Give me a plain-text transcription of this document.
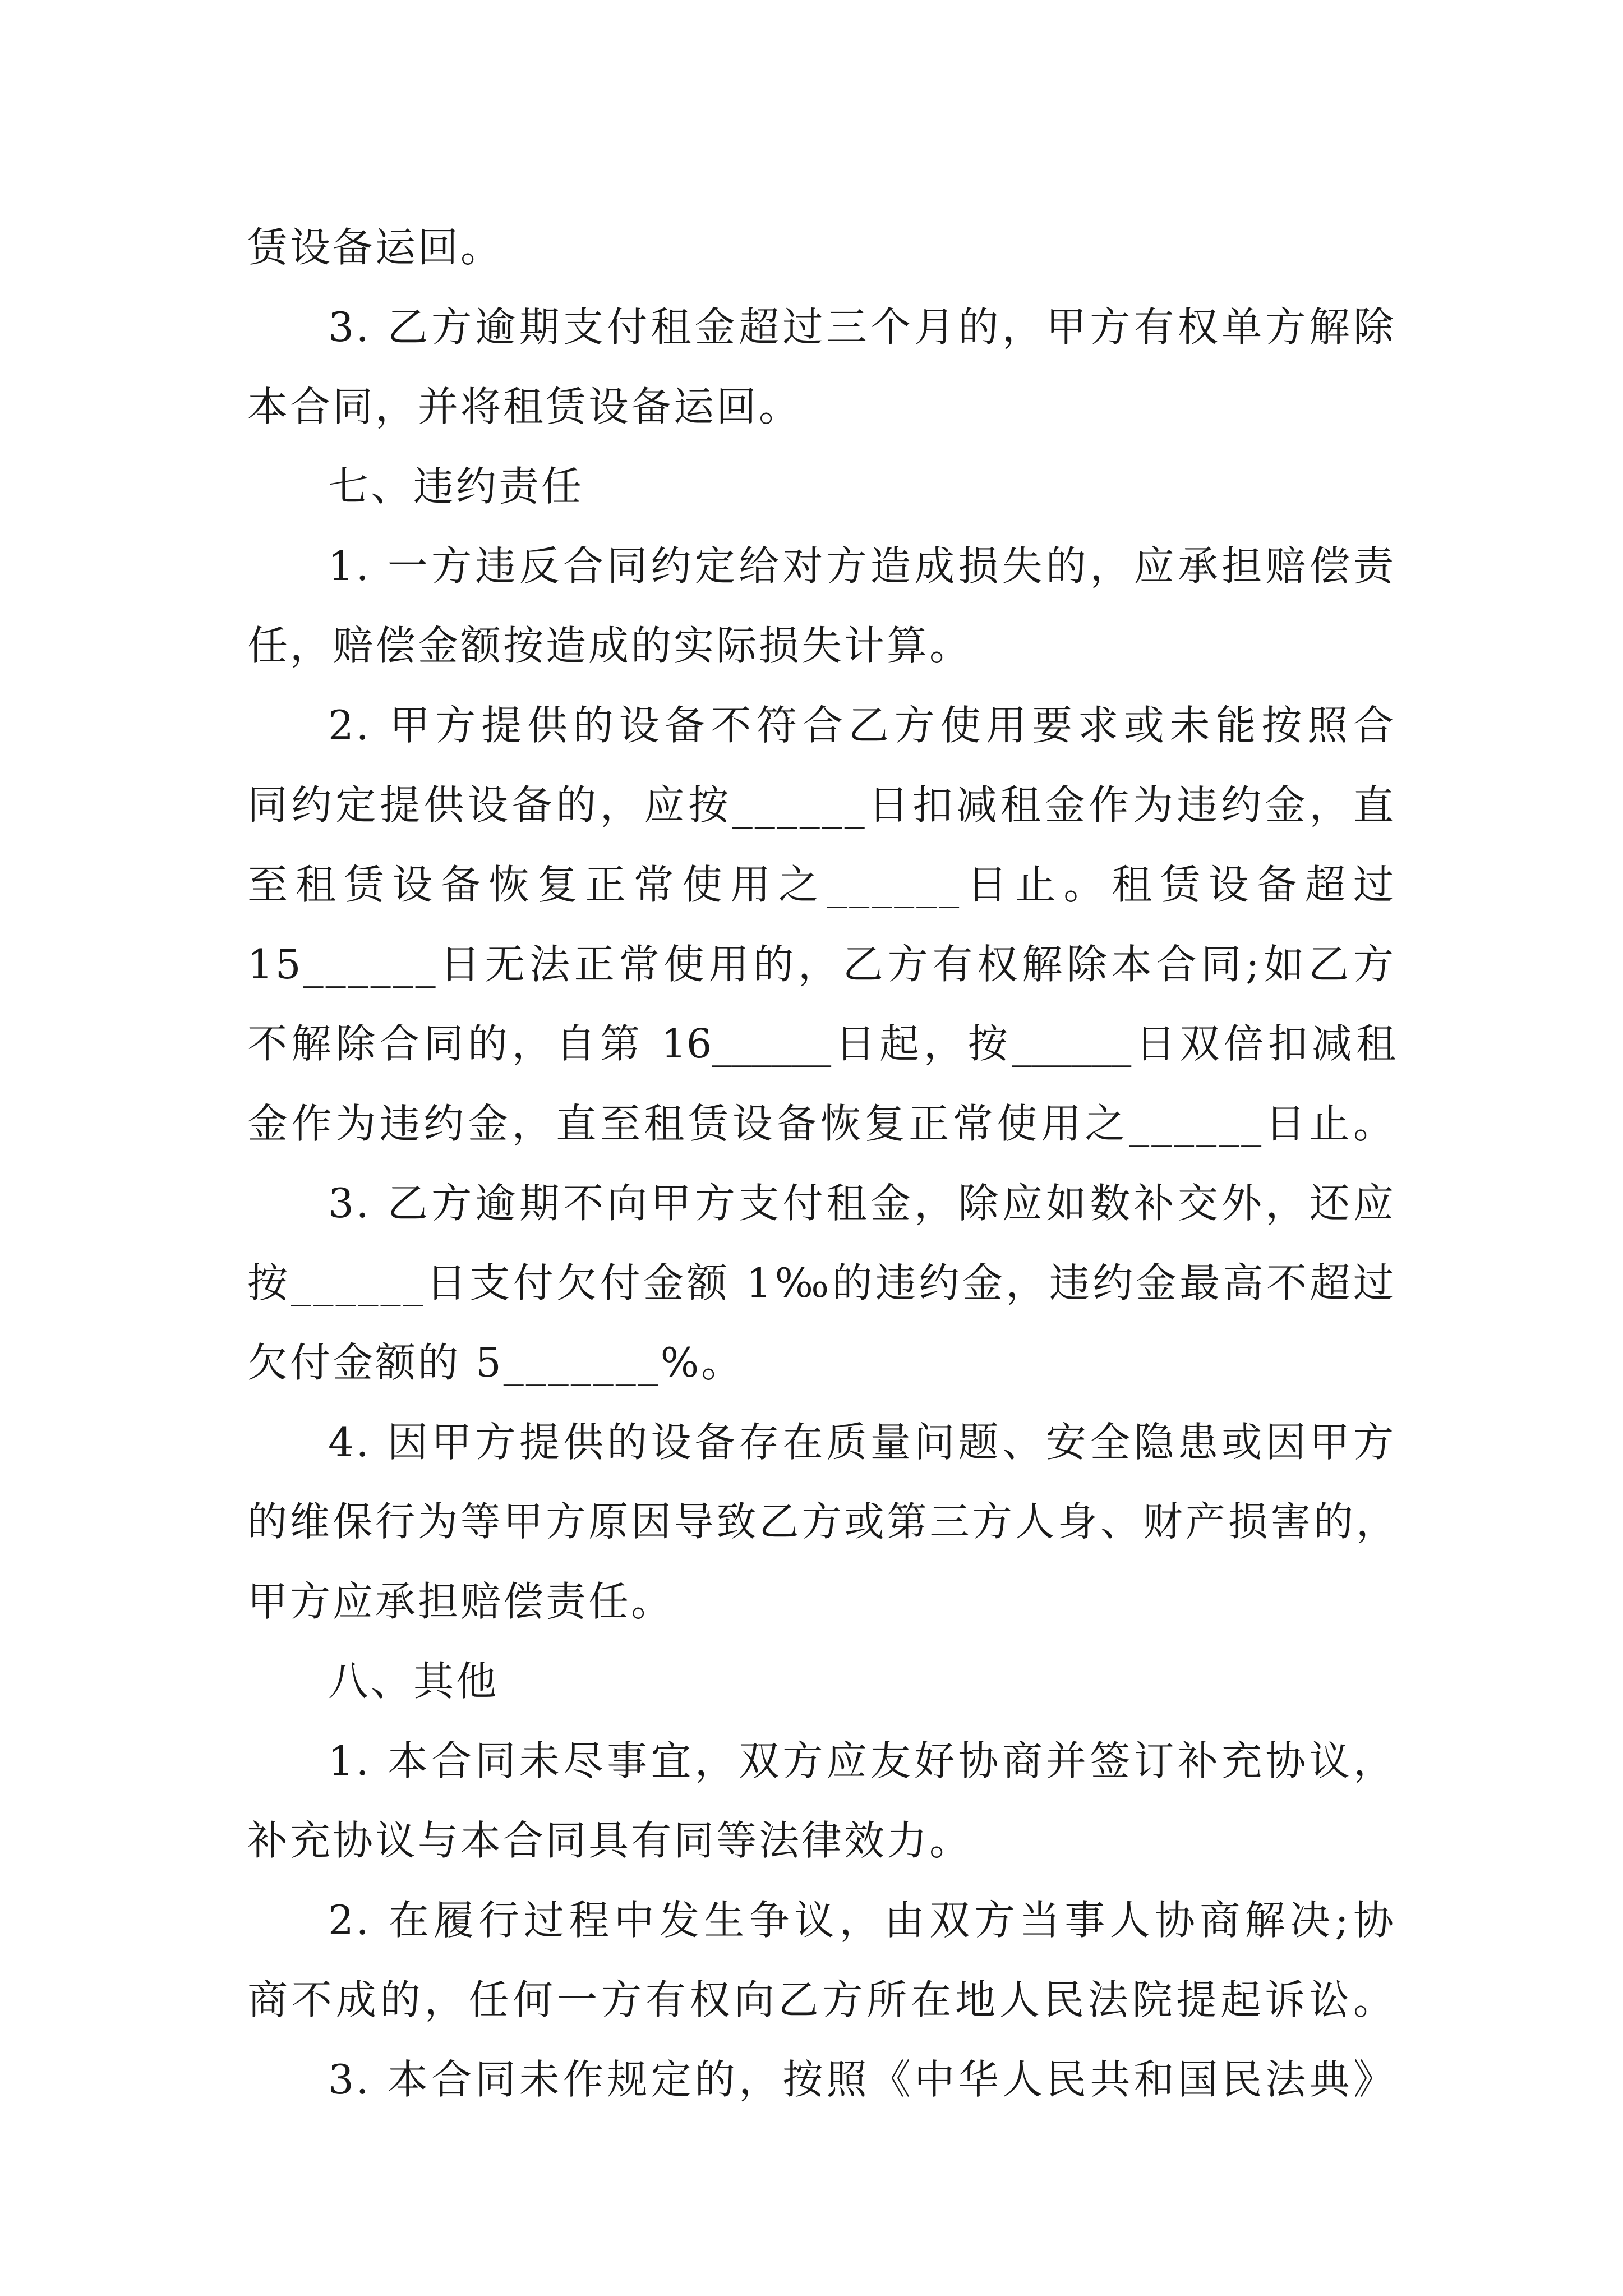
赁设备运回。
3. 乙方逾期支付租金超过三个月的，甲方有权单方解除
本合同，并将租赁设备运回。
七、违约责任
1. 一方违反合同约定给对方造成损失的，应承担赔偿责
任，赔偿金额按造成的实际损失计算。
2. 甲方提供的设备不符合乙方使用要求或未能按照合
同约定提供设备的，应按______日扣减租金作为违约金，直
至租赁设备恢复正常使用之______日止。租赁设备超过
15______日无法正常使用的，乙方有权解除本合同;如乙方
不解除合同的，自第 16______日起，按______日双倍扣减租
金作为违约金，直至租赁设备恢复正常使用之______日止。
3. 乙方逾期不向甲方支付租金，除应如数补交外，还应
按______日支付欠付金额 1‰的违约金，违约金最高不超过
欠付金额的 5_______%。
4. 因甲方提供的设备存在质量问题、安全隐患或因甲方
的维保行为等甲方原因导致乙方或第三方人身、财产损害的，
甲方应承担赔偿责任。
八、其他
1. 本合同未尽事宜，双方应友好协商并签订补充协议，
补充协议与本合同具有同等法律效力。
2. 在履行过程中发生争议，由双方当事人协商解决;协
商不成的，任何一方有权向乙方所在地人民法院提起诉讼。
3. 本合同未作规定的，按照《中华人民共和国民法典》
